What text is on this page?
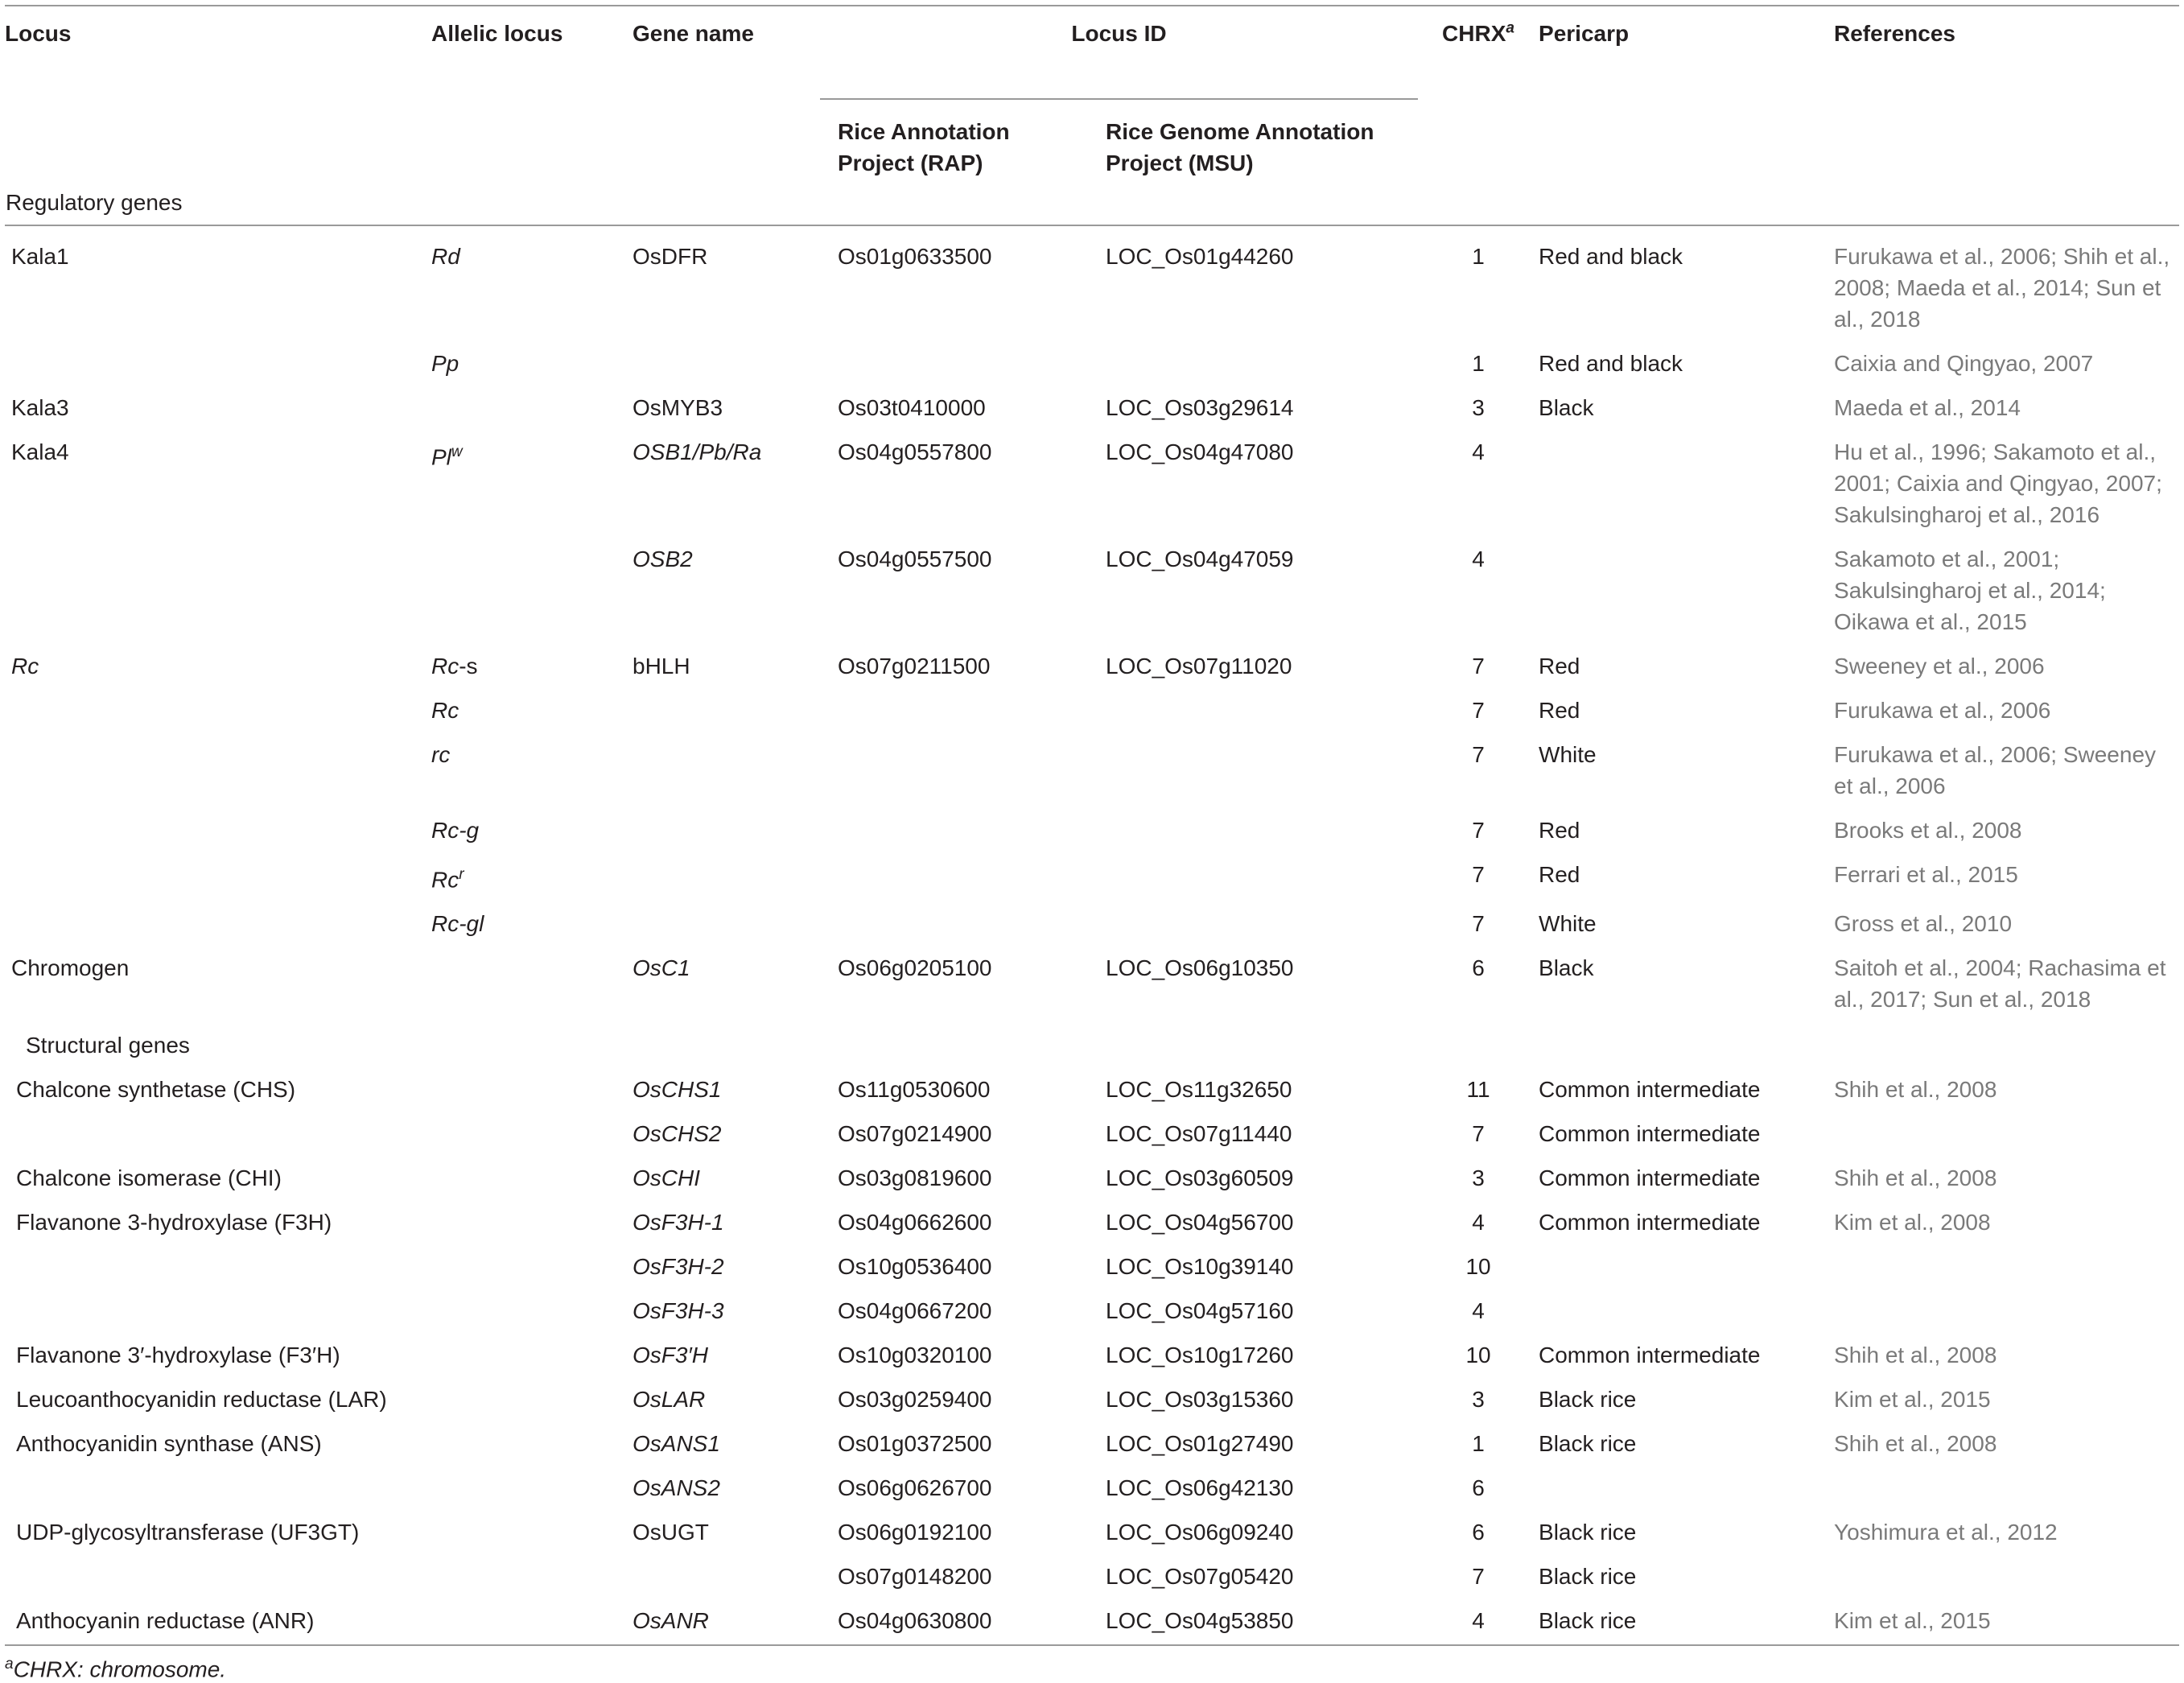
Locus	Allelic locus	Gene name	Locus ID		CHRX$^a$	Pericarp	References
			Rice Annotation Project (RAP)	Rice Genome Annotation Project (MSU)			
Regulatory genes							
Kala1	Rd	OsDFR	Os01g0633500	LOC_Os01g44260	1	Red and black	Furukawa et al., 2006; Shih et al., 2008; Maeda et al., 2014; Sun et al., 2018
	Pp				1	Red and black	Caixia and Qingyao, 2007
Kala3		OsMYB3	Os03t0410000	LOC_Os03g29614	3	Black	Maeda et al., 2014
Kala4	Pl$^w$	OSB1/Pb/Ra	Os04g0557800	LOC_Os04g47080	4		Hu et al., 1996; Sakamoto et al., 2001; Caixia and Qingyao, 2007; Sakulsingharoj et al., 2016
		OSB2	Os04g0557500	LOC_Os04g47059	4		Sakamoto et al., 2001; Sakulsingharoj et al., 2014; Oikawa et al., 2015
Rc	Rc-s	bHLH	Os07g0211500	LOC_Os07g11020	7	Red	Sweeney et al., 2006
	Rc				7	Red	Furukawa et al., 2006
	rc				7	White	Furukawa et al., 2006; Sweeney et al., 2006
	Rc-g				7	Red	Brooks et al., 2008
	Rc$^r$				7	Red	Ferrari et al., 2015
	Rc-gl				7	White	Gross et al., 2010
Chromogen		OsC1	Os06g0205100	LOC_Os06g10350	6	Black	Saitoh et al., 2004; Rachasima et al., 2017; Sun et al., 2018
Structural genes							
Chalcone synthetase (CHS)		OsCHS1	Os11g0530600	LOC_Os11g32650	11	Common intermediate	Shih et al., 2008
		OsCHS2	Os07g0214900	LOC_Os07g11440	7	Common intermediate	
Chalcone isomerase (CHI)		OsCHI	Os03g0819600	LOC_Os03g60509	3	Common intermediate	Shih et al., 2008
Flavanone 3-hydroxylase (F3H)		OsF3H-1	Os04g0662600	LOC_Os04g56700	4	Common intermediate	Kim et al., 2008
		OsF3H-2	Os10g0536400	LOC_Os10g39140	10		
		OsF3H-3	Os04g0667200	LOC_Os04g57160	4		
Flavanone 3′-hydroxylase (F3′H)		OsF3′H	Os10g0320100	LOC_Os10g17260	10	Common intermediate	Shih et al., 2008
Leucoanthocyanidin reductase (LAR)		OsLAR	Os03g0259400	LOC_Os03g15360	3	Black rice	Kim et al., 2015
Anthocyanidin synthase (ANS)		OsANS1	Os01g0372500	LOC_Os01g27490	1	Black rice	Shih et al., 2008
		OsANS2	Os06g0626700	LOC_Os06g42130	6		
UDP-glycosyltransferase (UF3GT)		OsUGT	Os06g0192100	LOC_Os06g09240	6	Black rice	Yoshimura et al., 2012
			Os07g0148200	LOC_Os07g05420	7	Black rice	
Anthocyanin reductase (ANR)		OsANR	Os04g0630800	LOC_Os04g53850	4	Black rice	Kim et al., 2015
$^a$CHRX: chromosome.
